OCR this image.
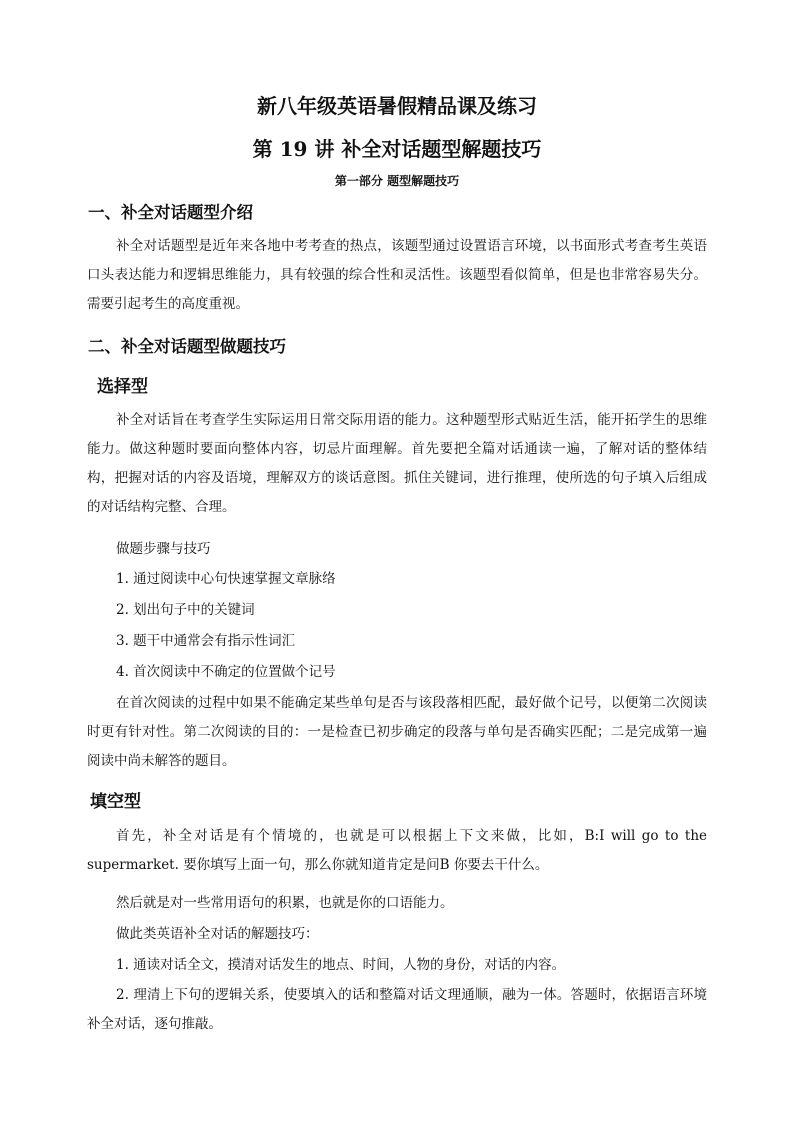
新八年级英语暑假精品课及练习
第 19 讲 补全对话题型解题技巧
第一部分 题型解题技巧
一、补全对话题型介绍

补全对话题型是近年来各地中考考查的热点，该题型通过设置语言环境，以书面形式考查考生英语口头表达能力和逻辑思维能力，具有较强的综合性和灵活性。该题型看似简单，但是也非常容易失分。需要引起考生的高度重视。

二、补全对话题型做题技巧
选择型

补全对话旨在考查学生实际运用日常交际用语的能力。这种题型形式贴近生活，能开拓学生的思维能力。做这种题时要面向整体内容，切忌片面理解。首先要把全篇对话通读一遍，了解对话的整体结构，把握对话的内容及语境，理解双方的谈话意图。抓住关键词，进行推理，使所选的句子填入后组成的对话结构完整、合理。

做题步骤与技巧
1. 通过阅读中心句快速掌握文章脉络
2. 划出句子中的关键词
3. 题干中通常会有指示性词汇
4. 首次阅读中不确定的位置做个记号

在首次阅读的过程中如果不能确定某些单句是否与该段落相匹配，最好做个记号，以便第二次阅读时更有针对性。第二次阅读的目的：一是检查已初步确定的段落与单句是否确实匹配；二是完成第一遍阅读中尚未解答的题目。

填空型

首先，补全对话是有个情境的，也就是可以根据上下文来做，比如，B:I will go to the supermarket. 要你填写上面一句，那么你就知道肯定是问B 你要去干什么。

然后就是对一些常用语句的积累，也就是你的口语能力。
做此类英语补全对话的解题技巧：
1. 通读对话全文，摸清对话发生的地点、时间，人物的身份，对话的内容。

2. 理清上下句的逻辑关系，使要填入的话和整篇对话文理通顺，融为一体。答题时，依据语言环境补全对话，逐句推敲。
